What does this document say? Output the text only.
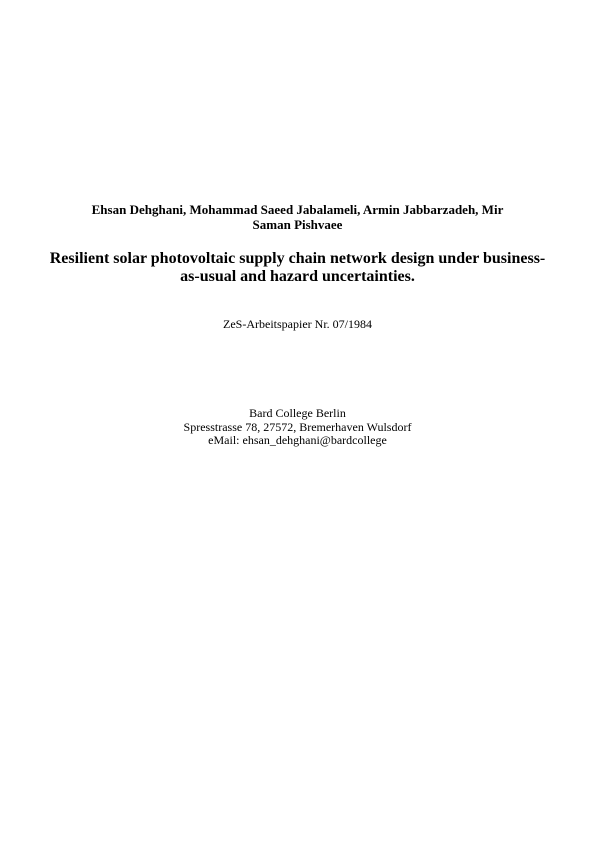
Ehsan Dehghani, Mohammad Saeed Jabalameli, Armin Jabbarzadeh, Mir
Saman Pishvaee
Resilient solar photovoltaic supply chain network design under business-
as-usual and hazard uncertainties.
ZeS-Arbeitspapier Nr. 07/1984
Bard College Berlin
Spresstrasse 78, 27572, Bremerhaven Wulsdorf
eMail: ehsan_dehghani@bardcollege
